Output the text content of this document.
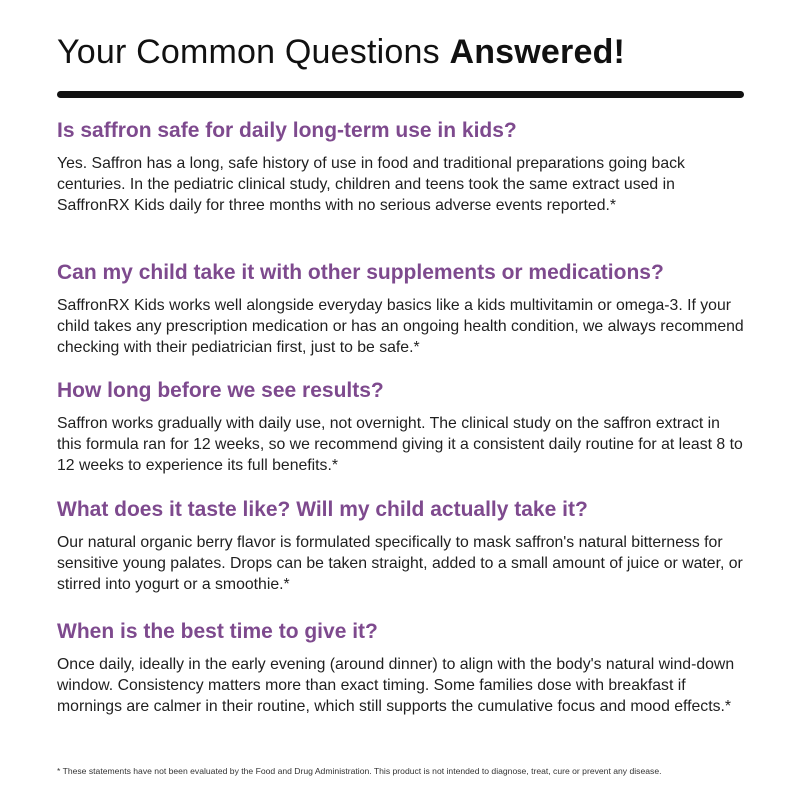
Your Common Questions Answered!
Is saffron safe for daily long-term use in kids?

Yes. Saffron has a long, safe history of use in food and traditional preparations going back centuries. In the pediatric clinical study, children and teens took the same extract used in SaffronRX Kids daily for three months with no serious adverse events reported.*

Can my child take it with other supplements or medications?

SaffronRX Kids works well alongside everyday basics like a kids multivitamin or omega-3. If your child takes any prescription medication or has an ongoing health condition, we always recommend checking with their pediatrician first, just to be safe.*

How long before we see results?

Saffron works gradually with daily use, not overnight. The clinical study on the saffron extract in this formula ran for 12 weeks, so we recommend giving it a consistent daily routine for at least 8 to 12 weeks to experience its full benefits.*

What does it taste like? Will my child actually take it?

Our natural organic berry flavor is formulated specifically to mask saffron's natural bitterness for sensitive young palates. Drops can be taken straight, added to a small amount of juice or water, or stirred into yogurt or a smoothie.*

When is the best time to give it?

Once daily, ideally in the early evening (around dinner) to align with the body's natural wind-down window. Consistency matters more than exact timing. Some families dose with breakfast if mornings are calmer in their routine, which still supports the cumulative focus and mood effects.*

* These statements have not been evaluated by the Food and Drug Administration. This product is not intended to diagnose, treat, cure or prevent any disease.
